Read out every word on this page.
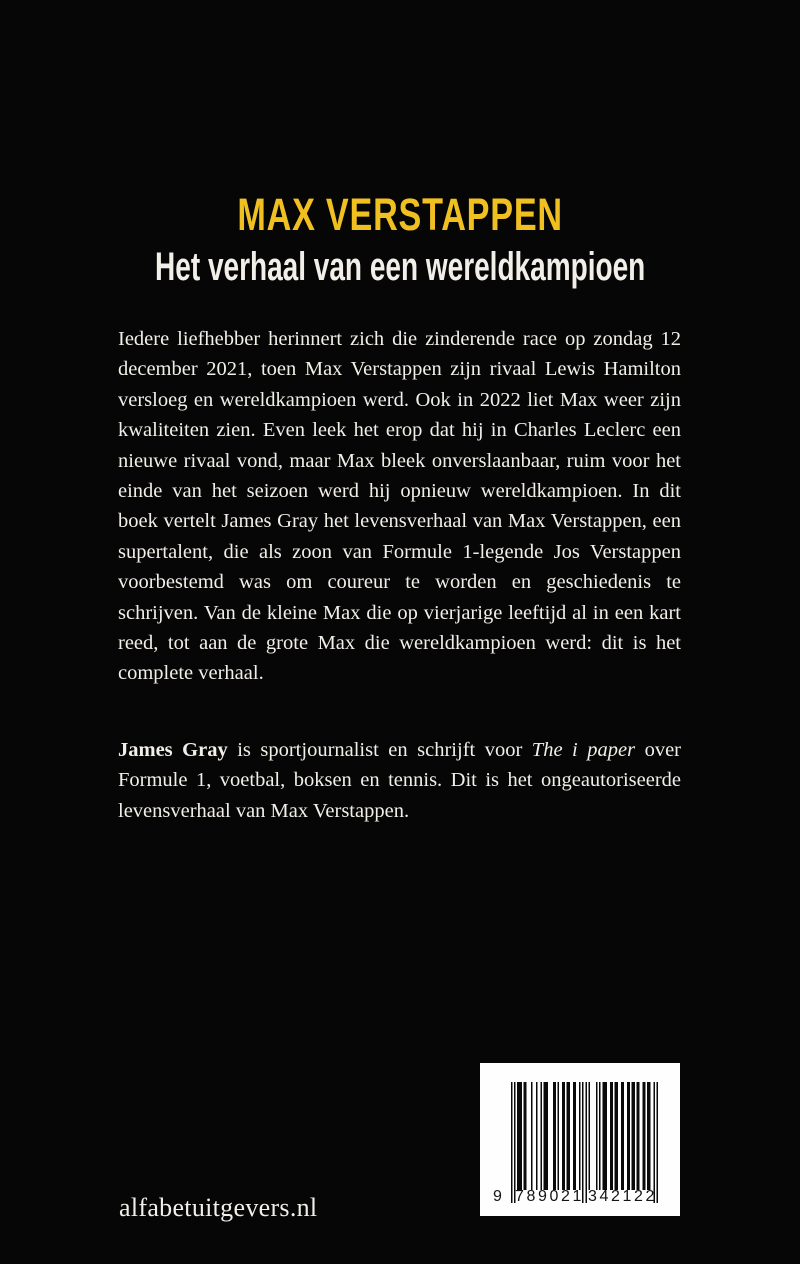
MAX VERSTAPPEN
Het verhaal van een wereldkampioen

Iedere liefhebber herinnert zich die zinderende race op zondag 12 december 2021, toen Max Verstappen zijn rivaal Lewis Hamilton versloeg en wereldkampioen werd. Ook in 2022 liet Max weer zijn kwaliteiten zien. Even leek het erop dat hij in Charles Leclerc een nieuwe rivaal vond, maar Max bleek onverslaanbaar, ruim voor het einde van het seizoen werd hij opnieuw wereldkampioen. In dit boek vertelt James Gray het levensverhaal van Max Verstappen, een supertalent, die als zoon van Formule 1-legende Jos Verstappen voorbestemd was om coureur te worden en geschiedenis te schrijven. Van de kleine Max die op vierjarige leeftijd al in een kart reed, tot aan de grote Max die wereldkampioen werd: dit is het complete verhaal.

James Gray is sportjournalist en schrijft voor The i paper over Formule 1, voetbal, boksen en tennis. Dit is het ongeautoriseerde levensverhaal van Max Verstappen.

alfabetuitgevers.nl	9 789021 342122
